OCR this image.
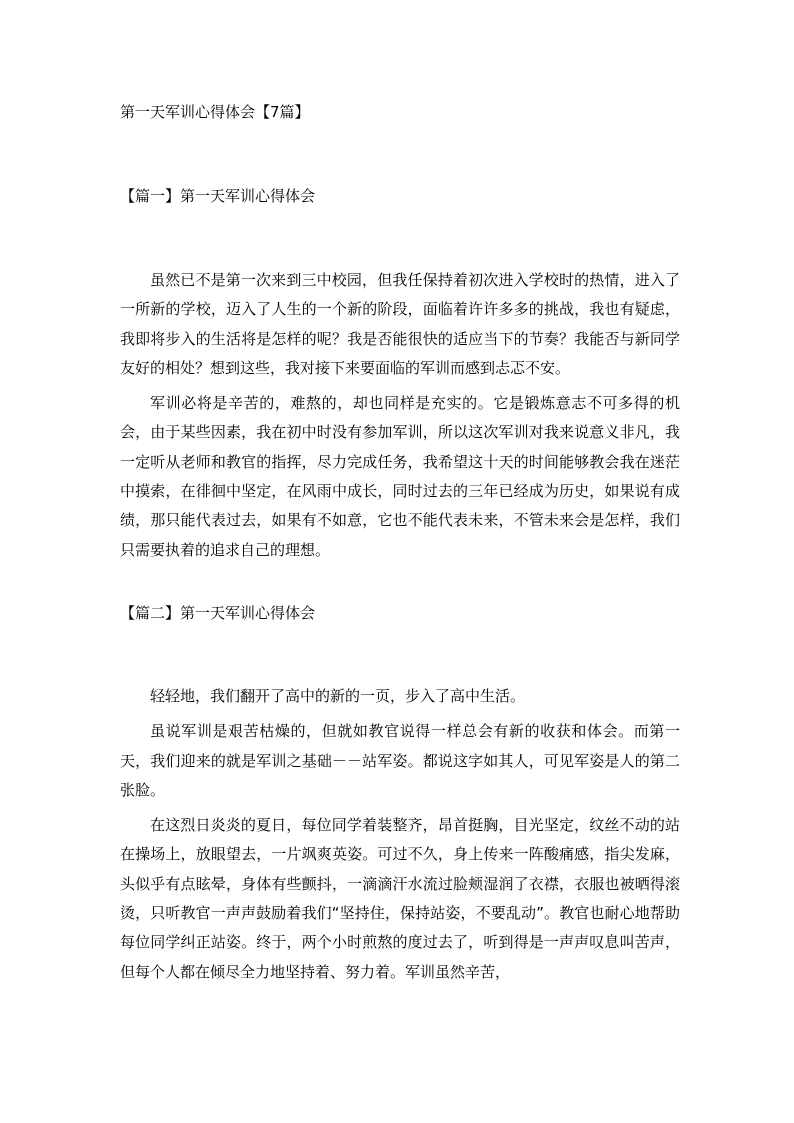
第一天军训心得体会【7篇】
【篇一】第一天军训心得体会

虽然已不是第一次来到三中校园，但我任保持着初次进入学校时的热情，进入了一所新的学校，迈入了人生的一个新的阶段，面临着许许多多的挑战，我也有疑虑，我即将步入的生活将是怎样的呢？我是否能很快的适应当下的节奏？我能否与新同学友好的相处？想到这些，我对接下来要面临的军训而感到忐忑不安。

军训必将是辛苦的，难熬的，却也同样是充实的。它是锻炼意志不可多得的机会，由于某些因素，我在初中时没有参加军训，所以这次军训对我来说意义非凡，我一定听从老师和教官的指挥，尽力完成任务，我希望这十天的时间能够教会我在迷茫中摸索，在徘徊中坚定，在风雨中成长，同时过去的三年已经成为历史，如果说有成绩，那只能代表过去，如果有不如意，它也不能代表未来，不管未来会是怎样，我们只需要执着的追求自己的理想。

【篇二】第一天军训心得体会

轻轻地，我们翻开了高中的新的一页，步入了高中生活。

虽说军训是艰苦枯燥的，但就如教官说得一样总会有新的收获和体会。而第一天，我们迎来的就是军训之基础－－站军姿。都说这字如其人，可见军姿是人的第二张脸。

在这烈日炎炎的夏日，每位同学着装整齐，昂首挺胸，目光坚定，纹丝不动的站在操场上，放眼望去，一片飒爽英姿。可过不久，身上传来一阵酸痛感，指尖发麻，头似乎有点眩晕，身体有些颤抖，一滴滴汗水流过脸颊湿润了衣襟，衣服也被晒得滚烫，只听教官一声声鼓励着我们“坚持住，保持站姿，不要乱动”。教官也耐心地帮助每位同学纠正站姿。终于，两个小时煎熬的度过去了，听到得是一声声叹息叫苦声，但每个人都在倾尽全力地坚持着、努力着。军训虽然辛苦，
